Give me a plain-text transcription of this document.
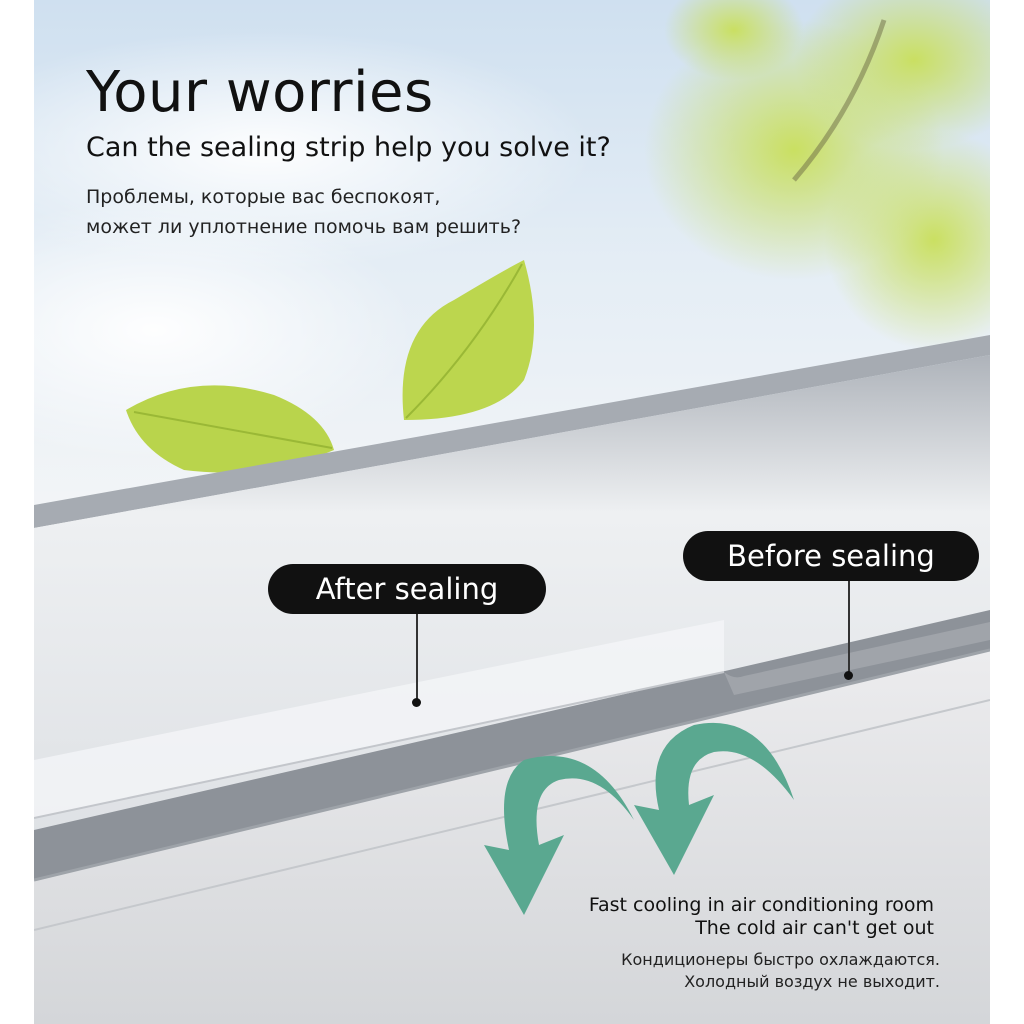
Your worries
Can the sealing strip help you solve it?
Проблемы, которые вас беспокоят,
может ли уплотнение помочь вам решить?
After sealing
Before sealing
Fast cooling in air conditioning room
The cold air can't get out
Кондиционеры быстро охлаждаются.
Холодный воздух не выходит.
